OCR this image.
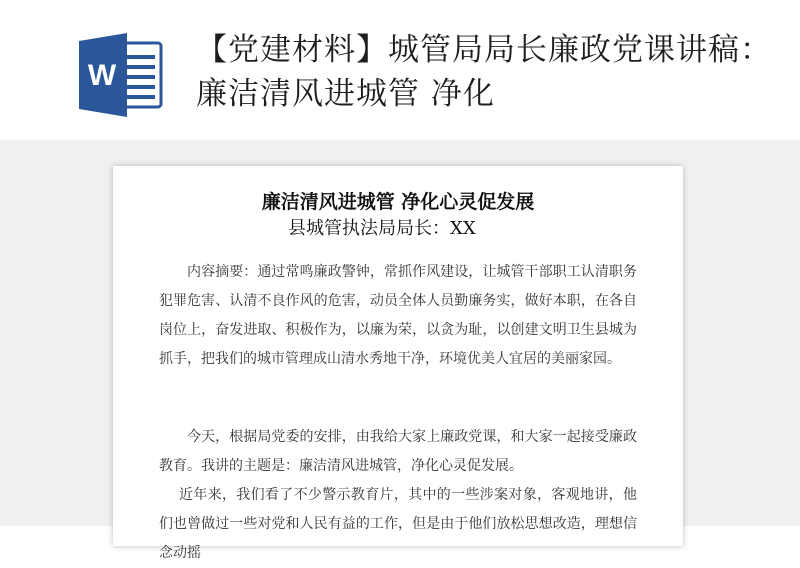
W
【党建材料】城管局局长廉政党课讲稿：廉洁清风进城管 净化
廉洁清风进城管 净化心灵促发展
县城管执法局局长：XX
内容摘要：通过常鸣廉政警钟，常抓作风建设，让城管干部职工认清职务犯罪危害、认清不良作风的危害，动员全体人员勤廉务实，做好本职，在各自岗位上，奋发进取、积极作为，以廉为荣，以贪为耻，以创建文明卫生县城为抓手，把我们的城市管理成山清水秀地干净，环境优美人宜居的美丽家园。
今天，根据局党委的安排，由我给大家上廉政党课，和大家一起接受廉政教育。我讲的主题是：廉洁清风进城管，净化心灵促发展。
近年来，我们看了不少警示教育片，其中的一些涉案对象，客观地讲，他们也曾做过一些对党和人民有益的工作，但是由于他们放松思想改造，理想信念动摇
